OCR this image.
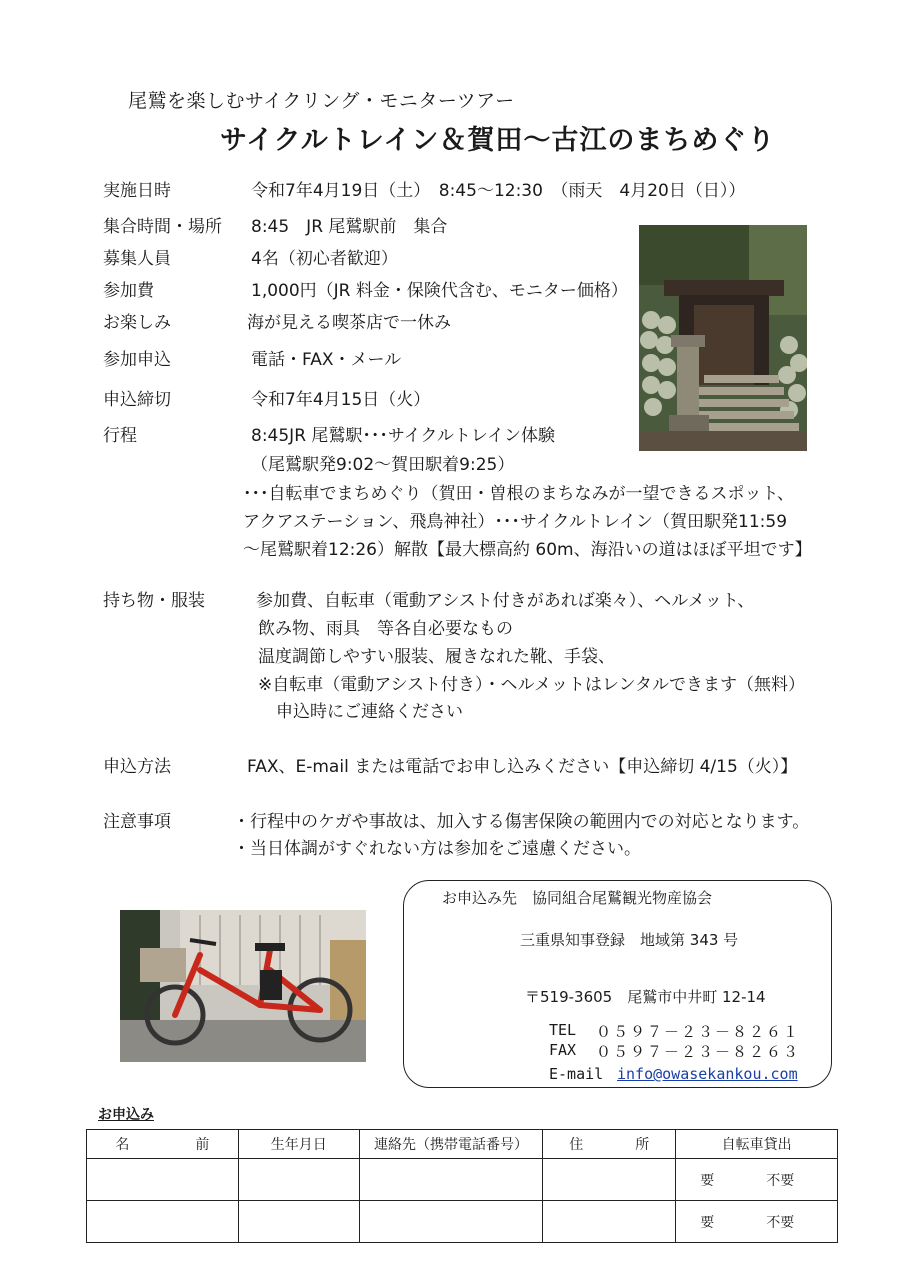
尾鷲を楽しむサイクリング・モニターツアー
サイクルトレイン＆賀田～古江のまちめぐり
実施日時	令和7年4月19日（土）　8:45～12:30　（雨天　4月20日（日））
集合時間・場所 8:45　JR 尾鷲駅前　集合
募集人員	4名（初心者歓迎）
参加費	1,000円（JR 料金・保険代含む、モニター価格）
お楽しみ	海が見える喫茶店で一休み
参加申込	電話・FAX・メール
申込締切	令和7年4月15日（火）
行程	8:45JR 尾鷲駅･･･サイクルトレイン体験
（尾鷲駅発9:02～賀田駅着9:25）
･･･自転車でまちめぐり（賀田・曽根のまちなみが一望できるスポット、
アクアステーション、飛鳥神社）･･･サイクルトレイン（賀田駅発11:59
～尾鷲駅着12:26）解散【最大標高約 60m、海沿いの道はほぼ平坦です】
持ち物・服装	参加費、自転車（電動アシスト付きがあれば楽々）、ヘルメット、
飲み物、雨具　等各自必要なもの
温度調節しやすい服装、履きなれた靴、手袋、
※自転車（電動アシスト付き）・ヘルメットはレンタルできます（無料）
申込時にご連絡ください
申込方法	FAX、E-mail または電話でお申し込みください【申込締切 4/15（火）】
注意事項	・行程中のケガや事故は、加入する傷害保険の範囲内での対応となります。
・当日体調がすぐれない方は参加をご遠慮ください。
お申込み先　協同組合尾鷲観光物産協会
三重県知事登録　地域第 343 号
〒519-3605　尾鷲市中井町 12-14
TEL ０５９７－２３－８２６１
FAX ０５９７－２３－８２６３
E-mail info@owasekankou.com
お申込み
名 前	生年月日	連絡先（携帯電話番号）	住 所	自転車貸出

				要 不要

				要 不要
